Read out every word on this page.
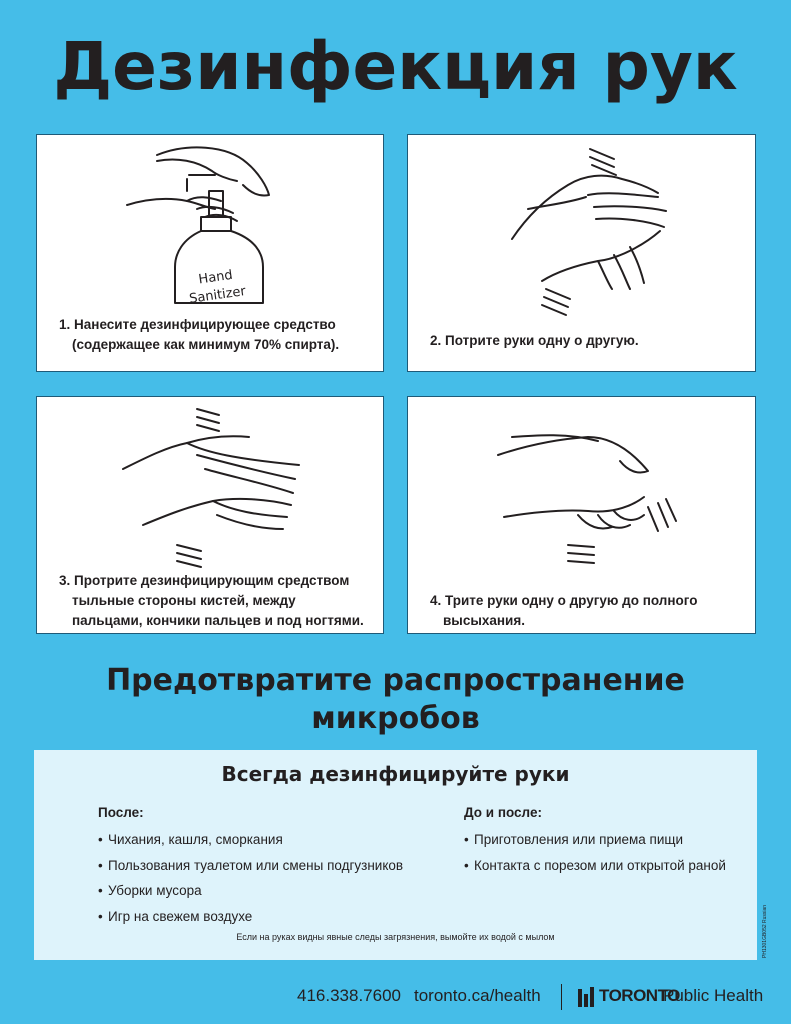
Дезинфекция рук
Hand
Sanitizer
1. Нанесите дезинфицирующее средство
(содержащее как минимум 70% спирта).	2. Потрите руки одну о другую.
3. Протрите дезинфицирующим средством
тыльные стороны кистей, между
пальцами, кончики пальцев и под ногтями.
4. Трите руки одну о другую до полного
высыхания.
Предотвратите распространение
микробов
Всегда дезинфицируйте руки
После:
• Чихания, кашля, сморкания
• Пользования туалетом или смены подгузников
• Уборки мусора
• Игр на свежем воздухе
До и после:
• Приготовления или приема пищи
• Контакта с порезом или открытой раной
Если на руках видны явные следы загрязнения, вымойте их водой с мылом	PH1301GB052 Russian
416.338.7600 toronto.ca/health	TORONTO
Public Health
